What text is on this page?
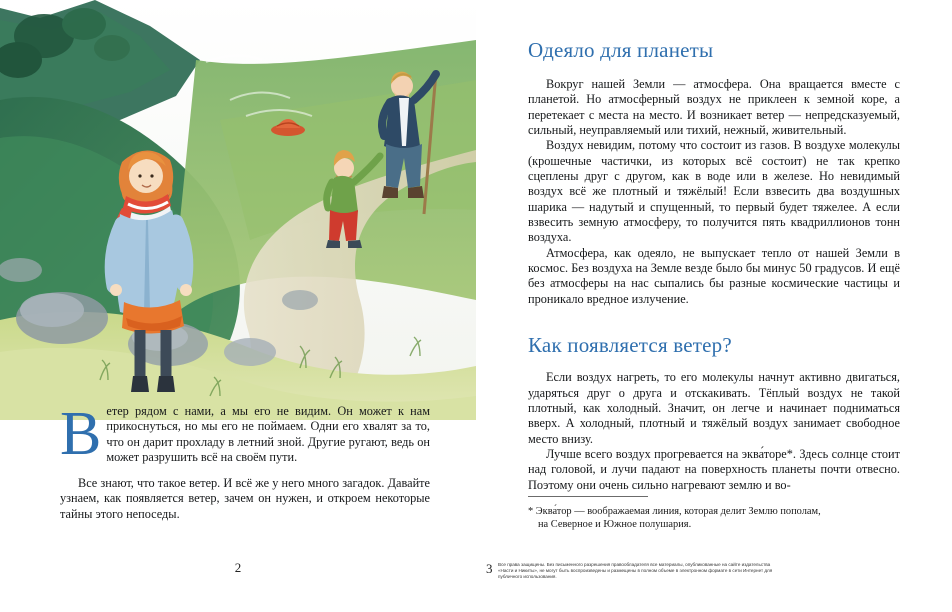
В етер рядом с нами, а мы его не видим. Он может к нам прикоснуться, но мы его не поймаем. Одни его хвалят за то, что он дарит прохладу в летний зной. Другие ругают, ведь он может разрушить всё на своём пути.

Все знают, что такое ветер. И всё же у него много загадок. Давайте узнаем, как появляется ветер, зачем он нужен, и откроем некоторые тайны этого непоседы.

2
Одеяло для планеты

Вокруг нашей Земли — атмосфера. Она вращается вместе с планетой. Но атмосферный воздух не приклеен к земной коре, а перетекает с места на место. И возникает ветер — непредсказуемый, сильный, неуправляемый или тихий, нежный, живительный.

Воздух невидим, потому что состоит из газов. В воздухе молекулы (крошечные частички, из которых всё состоит) не так крепко сцеплены друг с другом, как в воде или в железе. Но невидимый воздух всё же плотный и тяжёлый! Если взвесить два воздушных шарика — надутый и спущенный, то первый будет тяжелее. А если взвесить земную атмосферу, то получится пять квадриллионов тонн воздуха.

Атмосфера, как одеяло, не выпускает тепло от нашей Земли в космос. Без воздуха на Земле везде было бы минус 50 градусов. И ещё без атмосферы на нас сыпались бы разные космические частицы и проникало вредное излучение.

Как появляется ветер?

Если воздух нагреть, то его молекулы начнут активно двигаться, ударяться друг о друга и отскакивать. Тёплый воздух не такой плотный, как холодный. Значит, он легче и начинает подниматься вверх. А холодный, плотный и тяжёлый воздух занимает свободное место внизу.

Лучше всего воздух прогревается на эква́торе*. Здесь солнце стоит над головой, и лучи падают на поверхность планеты почти отвесно. Поэтому они очень сильно нагревают землю и во-

* Эква́тор — воображаемая линия, которая делит Землю пополам,
на Северное и Южное полушария.
3 Все права защищены. Без письменного разрешения правообладателя все материалы, опубликованные на сайте издательства «Насти и Никиты», не могут быть воспроизведены и размещены в полном объеме в электронном формате в сети Интернет для публичного использования.
